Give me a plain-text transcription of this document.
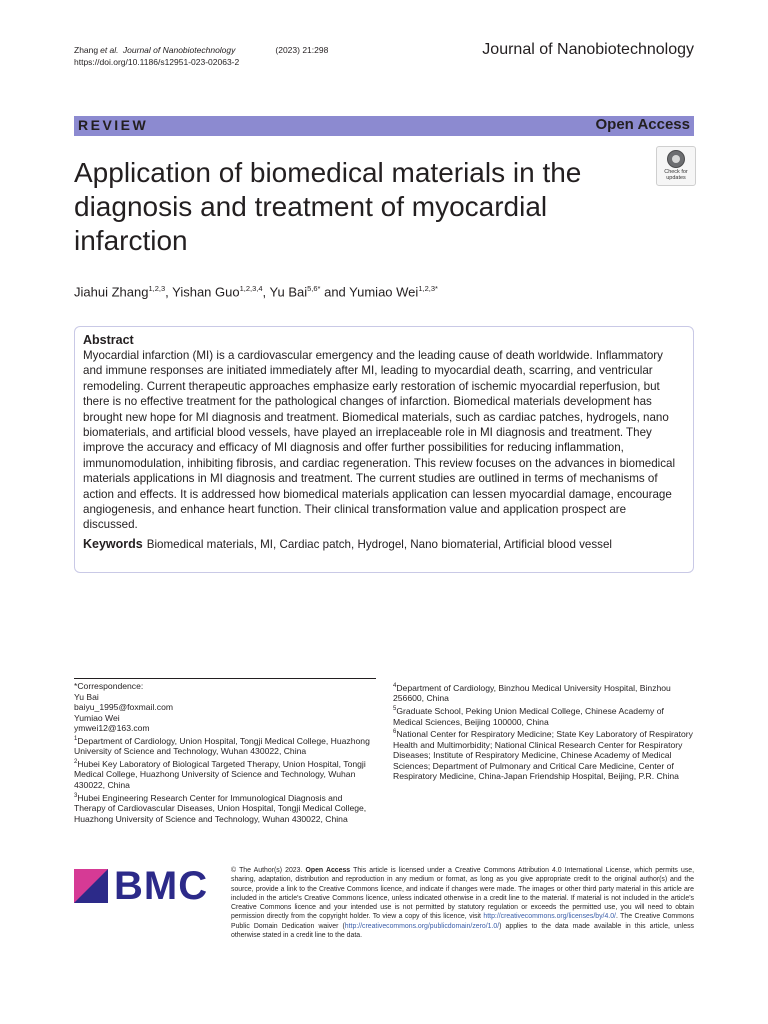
Zhang et al. Journal of Nanobiotechnology	(2023) 21:298
https://doi.org/10.1186/s12951-023-02063-2
Journal of Nanobiotechnology
REVIEW	Open Access
Application of biomedical materials in the diagnosis and treatment of myocardial infarction
Check for
updates
Jiahui Zhang$^{1,2,3}$, Yishan Guo$^{1,2,3,4}$, Yu Bai$^{5,6*}$ and Yumiao Wei$^{1,2,3*}$

Abstract

Myocardial infarction (MI) is a cardiovascular emergency and the leading cause of death worldwide. Inflammatory and immune responses are initiated immediately after MI, leading to myocardial death, scarring, and ventricular remodeling. Current therapeutic approaches emphasize early restoration of ischemic myocardial reperfusion, but there is no effective treatment for the pathological changes of infarction. Biomedical materials development has brought new hope for MI diagnosis and treatment. Biomedical materials, such as cardiac patches, hydrogels, nano biomaterials, and artificial blood vessels, have played an irreplaceable role in MI diagnosis and treatment. They improve the accuracy and efficacy of MI diagnosis and offer further possibilities for reducing inflammation, immunomodulation, inhibiting fibrosis, and cardiac regeneration. This review focuses on the advances in biomedical materials applications in MI diagnosis and treatment. The current studies are outlined in terms of mechanisms of action and effects. It is addressed how biomedical materials application can lessen myocardial damage, encourage angiogenesis, and enhance heart function. Their clinical transformation value and application prospect are discussed.

Keywords Biomedical materials, MI, Cardiac patch, Hydrogel, Nano biomaterial, Artificial blood vessel

*Correspondence:

Yu Bai

baiyu_1995@foxmail.com

Yumiao Wei

ymwei12@163.com

$^1$Department of Cardiology, Union Hospital, Tongji Medical College, Huazhong University of Science and Technology, Wuhan 430022, China

$^2$Hubei Key Laboratory of Biological Targeted Therapy, Union Hospital, Tongji Medical College, Huazhong University of Science and Technology, Wuhan 430022, China

$^3$Hubei Engineering Research Center for Immunological Diagnosis and Therapy of Cardiovascular Diseases, Union Hospital, Tongji Medical College, Huazhong University of Science and Technology, Wuhan 430022, China

$^4$Department of Cardiology, Binzhou Medical University Hospital, Binzhou 256600, China

$^5$Graduate School, Peking Union Medical College, Chinese Academy of Medical Sciences, Beijing 100000, China

$^6$National Center for Respiratory Medicine; State Key Laboratory of Respiratory Health and Multimorbidity; National Clinical Research Center for Respiratory Diseases; Institute of Respiratory Medicine, Chinese Academy of Medical Sciences; Department of Pulmonary and Critical Care Medicine, Center of Respiratory Medicine, China-Japan Friendship Hospital, Beijing, P.R. China

BMC	© The Author(s) 2023. Open Access This article is licensed under a Creative Commons Attribution 4.0 International License, which permits use, sharing, adaptation, distribution and reproduction in any medium or format, as long as you give appropriate credit to the original author(s) and the source, provide a link to the Creative Commons licence, and indicate if changes were made. The images or other third party material in this article are included in the article's Creative Commons licence, unless indicated otherwise in a credit line to the material. If material is not included in the article's Creative Commons licence and your intended use is not permitted by statutory regulation or exceeds the permitted use, you will need to obtain permission directly from the copyright holder. To view a copy of this licence, visit http://creativecommons.org/licenses/by/4.0/. The Creative Commons Public Domain Dedication waiver (http://creativecommons.org/publicdomain/zero/1.0/) applies to the data made available in this article, unless otherwise stated in a credit line to the data.
